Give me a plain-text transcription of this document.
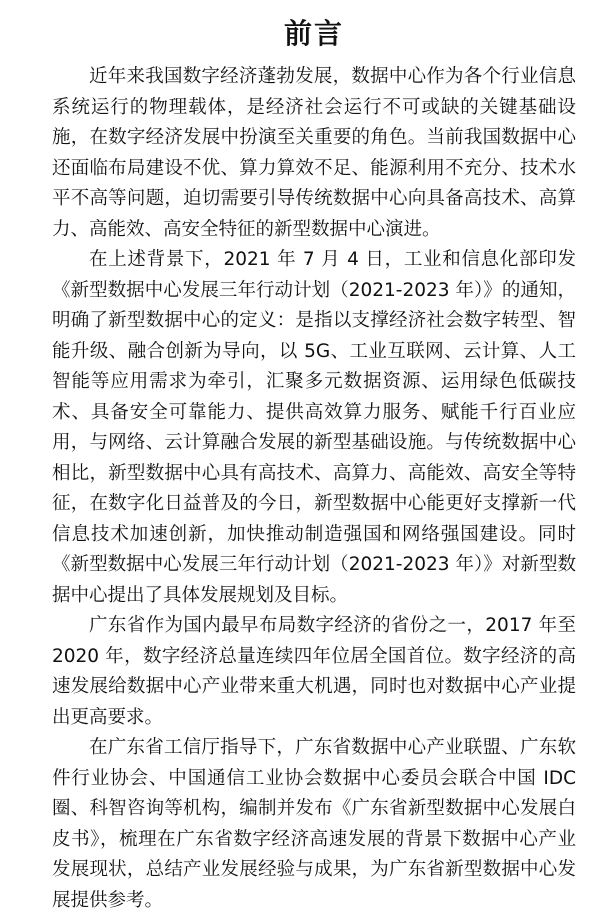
前言

近年来我国数字经济蓬勃发展，数据中心作为各个行业信息系统运行的物理载体，是经济社会运行不可或缺的关键基础设施，在数字经济发展中扮演至关重要的角色。当前我国数据中心还面临布局建设不优、算力算效不足、能源利用不充分、技术水平不高等问题，迫切需要引导传统数据中心向具备高技术、高算力、高能效、高安全特征的新型数据中心演进。

在上述背景下，2021 年 7 月 4 日，工业和信息化部印发《新型数据中心发展三年行动计划（2021-2023 年）》的通知，明确了新型数据中心的定义：是指以支撑经济社会数字转型、智能升级、融合创新为导向，以 5G、工业互联网、云计算、人工智能等应用需求为牵引，汇聚多元数据资源、运用绿色低碳技术、具备安全可靠能力、提供高效算力服务、赋能千行百业应用，与网络、云计算融合发展的新型基础设施。与传统数据中心相比，新型数据中心具有高技术、高算力、高能效、高安全等特征，在数字化日益普及的今日，新型数据中心能更好支撑新一代信息技术加速创新，加快推动制造强国和网络强国建设。同时《新型数据中心发展三年行动计划（2021-2023 年）》对新型数据中心提出了具体发展规划及目标。

广东省作为国内最早布局数字经济的省份之一，2017 年至 2020 年，数字经济总量连续四年位居全国首位。数字经济的高速发展给数据中心产业带来重大机遇，同时也对数据中心产业提出更高要求。

在广东省工信厅指导下，广东省数据中心产业联盟、广东软件行业协会、中国通信工业协会数据中心委员会联合中国 IDC 圈、科智咨询等机构，编制并发布《广东省新型数据中心发展白皮书》，梳理在广东省数字经济高速发展的背景下数据中心产业发展现状，总结产业发展经验与成果，为广东省新型数据中心发展提供参考。
